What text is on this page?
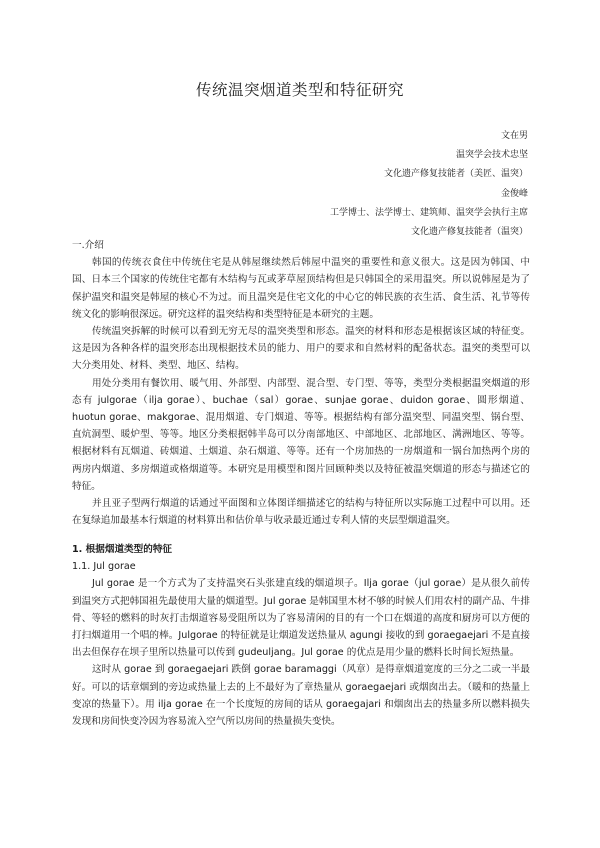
传统温突烟道类型和特征研究
文在男
温突学会技术忠坚
文化遗产修复技能者（美匠、温突）
金俊峰
工学博士、法学博士、建筑师、温突学会执行主席
文化遗产修复技能者（温突）

一.介绍

韩国的传统衣食住中传统住宅是从韩屋继续然后韩屋中温突的重要性和意义很大。这是因为韩国、中国、日本三个国家的传统住宅都有木结构与瓦或茅草屋顶结构但是只韩国全的采用温突。所以说韩屋是为了保护温突和温突是韩屋的核心不为过。而且温突是住宅文化的中心它的韩民族的衣生活、食生活、礼节等传统文化的影响很深远。研究这样的温突结构和类型特征是本研究的主题。

传统温突拆解的时候可以看到无穷无尽的温突类型和形态。温突的材料和形态是根据该区域的特征变。这是因为各种各样的温突形态出现根据技术员的能力、用户的要求和自然材料的配备状态。温突的类型可以大分类用处、材料、类型、地区、结构。

用处分类用有餐饮用、暖气用、外部型、内部型、混合型、专门型、等等，类型分类根据温突烟道的形态有 julgorae（ilja gorae）、buchae（sal）gorae、sunjae gorae、duidon gorae、圆形烟道、huotun gorae、makgorae、混用烟道、专门烟道、等等。根据结构有部分温突型、同温突型、锅台型、直炕洞型、暖炉型、等等。地区分类根据韩半岛可以分南部地区、中部地区、北部地区、满洲地区、等等。根据材料有瓦烟道、砖烟道、土烟道、杂石烟道、等等。还有一个房加热的一房烟道和一锅台加热两个房的两房内烟道、多房烟道或格烟道等。本研究是用模型和图片回顾种类以及特征被温突烟道的形态与描述它的特征。

并且亚子型两行烟道的话通过平面图和立体图详细描述它的结构与特征所以实际施工过程中可以用。还在复绿追加最基本行烟道的材料算出和估价单与收录最近通过专利人情的夹层型烟道温突。

1. 根据烟道类型的特征

1.1. Jul gorae

Jul gorae 是一个方式为了支持温突石头张建直线的烟道坝子。Ilja gorae（jul gorae）是从很久前传到温突方式把韩国祖先最使用大量的烟道型。Jul gorae 是韩国里木材不够的时候人们用农村的副产品、牛排骨、等轻的燃料的时灰打击烟道容易受阻所以为了容易清闲的目的有一个口在烟道的高度和厨房可以方便的打扫烟道用一个唱的棒。Julgorae 的特征就是让烟道发送热量从 agungi 接收的到 goraegaejari 不是直接出去但保存在坝子里所以热量可以传到 gudeuljang。Jul gorae 的优点是用少量的燃料长时间长短热量。

这时从 gorae 到 goraegaejari 跌倒 gorae baramaggi（风章）是得章烟道宽度的三分之二或一半最好。可以的话章烟到的旁边或热量上去的上不最好为了章热量从 goraegaejari 或烟囱出去。（暖和的热量上变凉的热量下）。用 ilja gorae 在一个长度短的房间的话从 goraegajari 和烟囱出去的热量多所以燃料损失发现和房间快变冷因为容易流入空气所以房间的热量损失变快。
